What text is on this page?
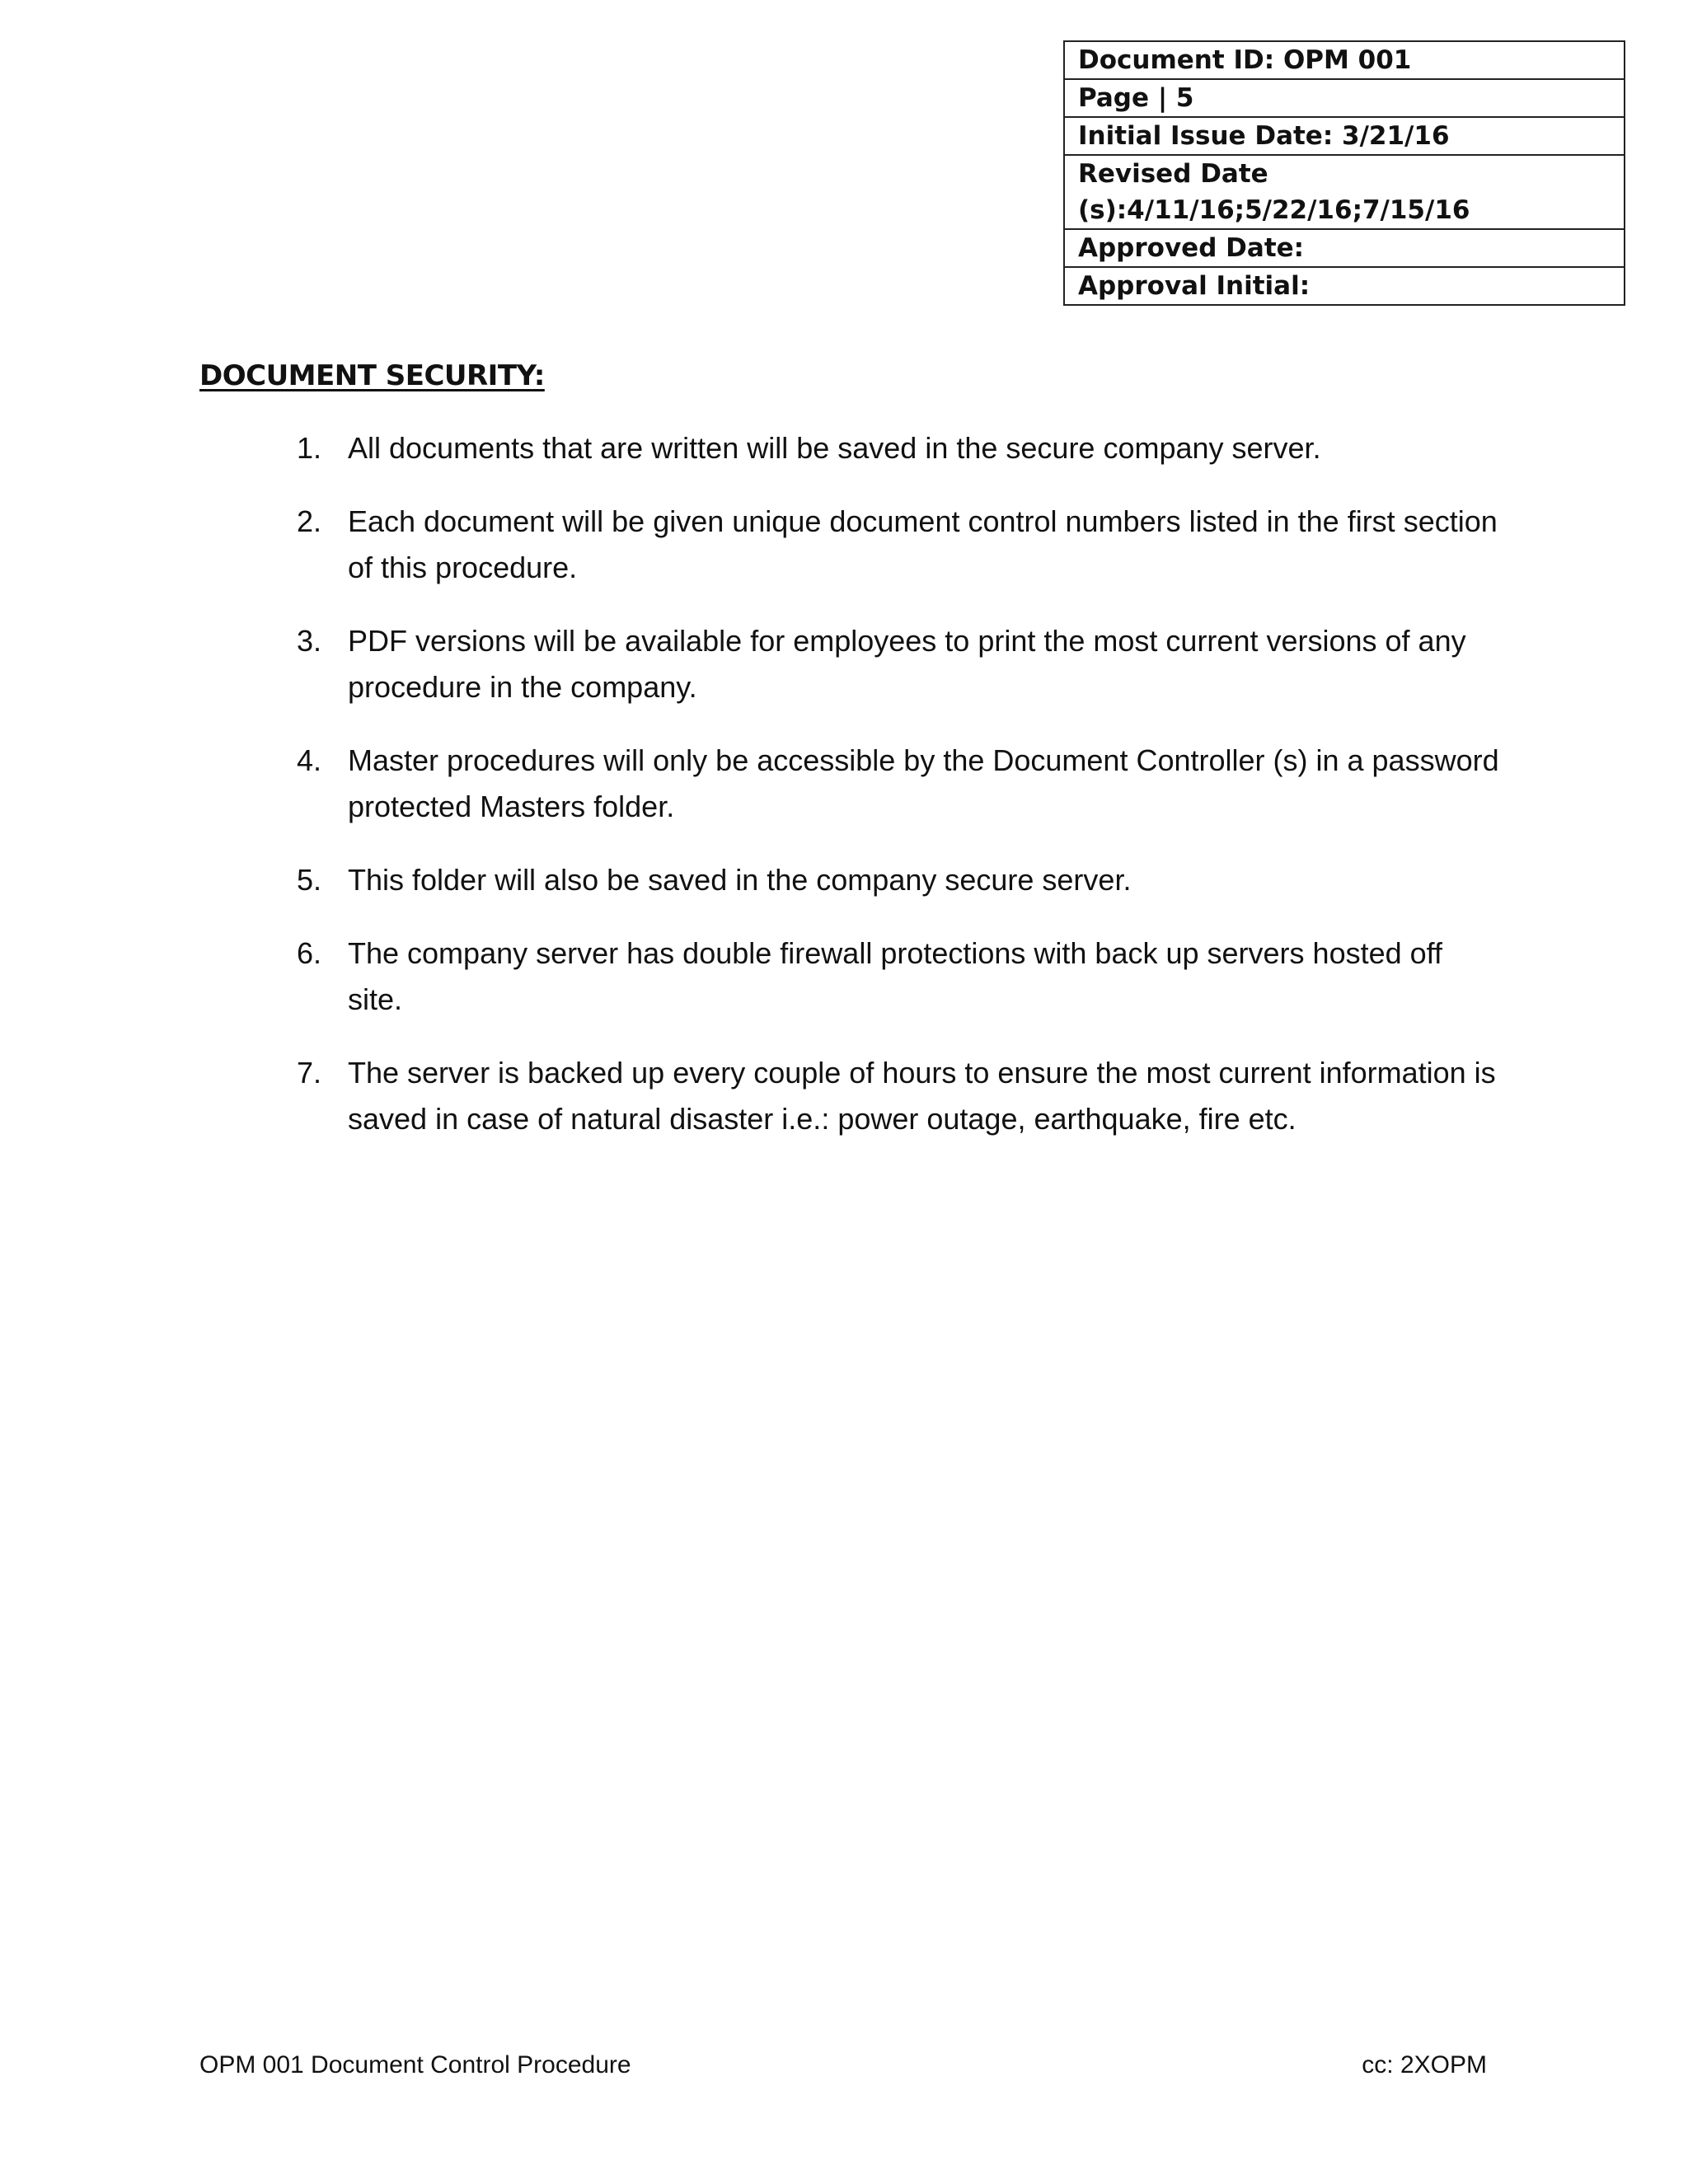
Document ID: OPM 001
Page | 5
Initial Issue Date: 3/21/16

Revised Date
(s):4/11/16;5/22/16;7/15/16

Approved Date:
Approval Initial:
DOCUMENT SECURITY:
1. All documents that are written will be saved in the secure company server.
2. Each document will be given unique document control numbers listed in the first section of this procedure.
3. PDF versions will be available for employees to print the most current versions of any procedure in the company.
4. Master procedures will only be accessible by the Document Controller (s) in a password protected Masters folder.
5. This folder will also be saved in the company secure server.
6. The company server has double firewall protections with back up servers hosted off site.
7. The server is backed up every couple of hours to ensure the most current information is saved in case of natural disaster i.e.: power outage, earthquake, fire etc.
OPM 001 Document Control Procedure	cc: 2XOPM
